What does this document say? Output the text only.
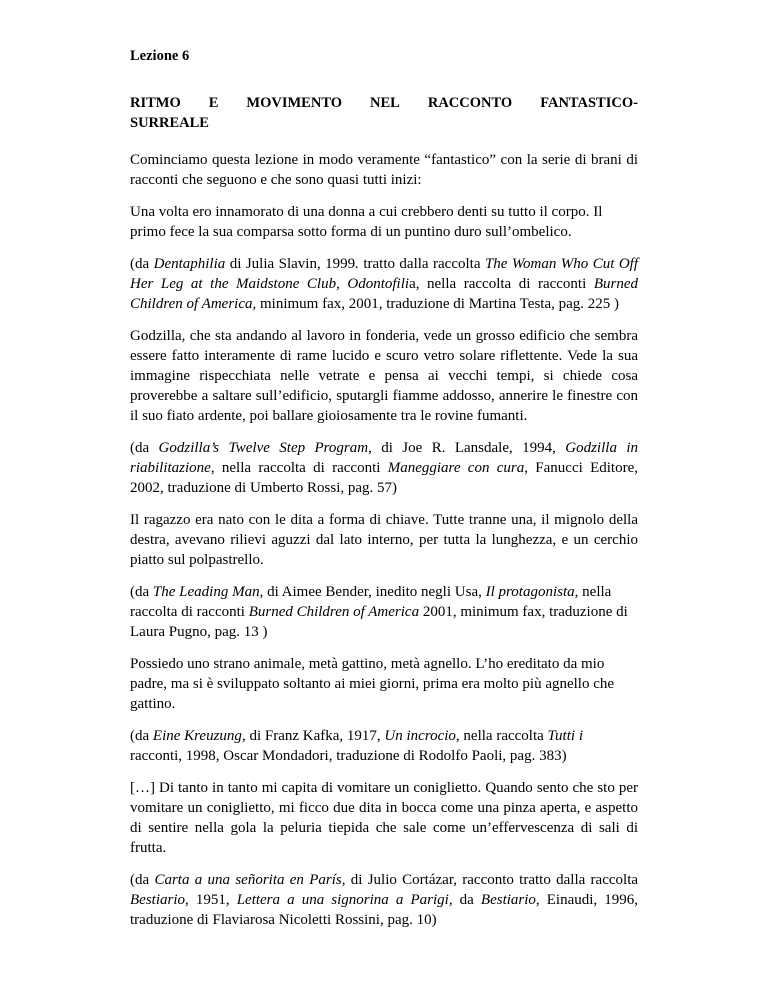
Lezione 6
RITMO E MOVIMENTO NEL RACCONTO FANTASTICO-
SURREALE

Cominciamo questa lezione in modo veramente “fantastico” con la serie di brani di racconti che seguono e che sono quasi tutti inizi:

Una volta ero innamorato di una donna a cui crebbero denti su tutto il corpo. Il primo fece la sua comparsa sotto forma di un puntino duro sull’ombelico.

(da Dentaphilia di Julia Slavin, 1999. tratto dalla raccolta The Woman Who Cut Off Her Leg at the Maidstone Club, Odontofilia, nella raccolta di racconti Burned Children of America, minimum fax, 2001, traduzione di Martina Testa, pag. 225 )

Godzilla, che sta andando al lavoro in fonderia, vede un grosso edificio che sembra essere fatto interamente di rame lucido e scuro vetro solare riflettente. Vede la sua immagine rispecchiata nelle vetrate e pensa ai vecchi tempi, si chiede cosa proverebbe a saltare sull’edificio, sputargli fiamme addosso, annerire le finestre con il suo fiato ardente, poi ballare gioiosamente tra le rovine fumanti.

(da Godzilla’s Twelve Step Program, di Joe R. Lansdale, 1994, Godzilla in riabilitazione, nella raccolta di racconti Maneggiare con cura, Fanucci Editore, 2002, traduzione di Umberto Rossi, pag. 57)

Il ragazzo era nato con le dita a forma di chiave. Tutte tranne una, il mignolo della destra, avevano rilievi aguzzi dal lato interno, per tutta la lunghezza, e un cerchio piatto sul polpastrello.

(da The Leading Man, di Aimee Bender, inedito negli Usa, Il protagonista, nella raccolta di racconti Burned Children of America 2001, minimum fax, traduzione di Laura Pugno, pag. 13 )

Possiedo uno strano animale, metà gattino, metà agnello. L’ho ereditato da mio padre, ma si è sviluppato soltanto ai miei giorni, prima era molto più agnello che gattino.

(da Eine Kreuzung, di Franz Kafka, 1917, Un incrocio, nella raccolta Tutti i racconti, 1998, Oscar Mondadori, traduzione di Rodolfo Paoli, pag. 383)

[…] Di tanto in tanto mi capita di vomitare un coniglietto. Quando sento che sto per vomitare un coniglietto, mi ficco due dita in bocca come una pinza aperta, e aspetto di sentire nella gola la peluria tiepida che sale come un’effervescenza di sali di frutta.

(da Carta a una señorita en París, di Julio Cortázar, racconto tratto dalla raccolta Bestiario, 1951, Lettera a una signorina a Parigi, da Bestiario, Einaudi, 1996, traduzione di Flaviarosa Nicoletti Rossini, pag. 10)
